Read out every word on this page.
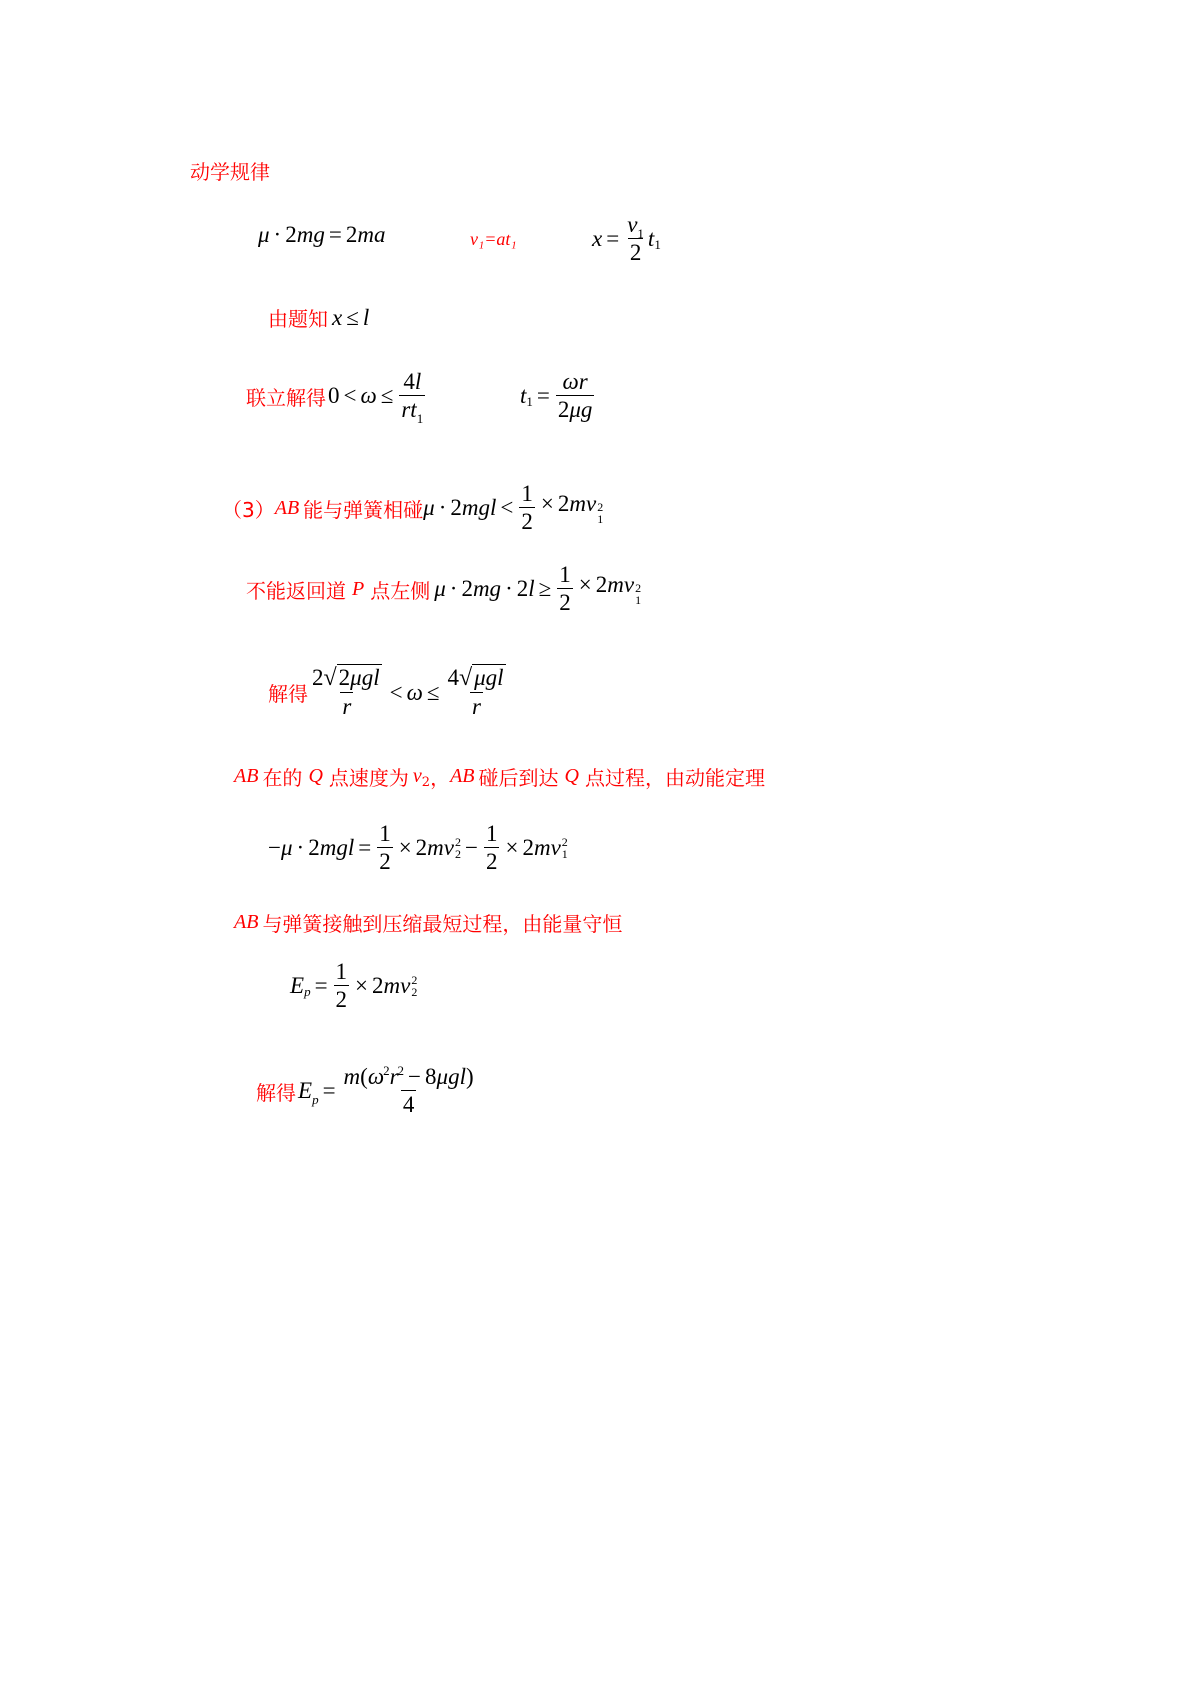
动学规律
μ · 2 mg = 2 ma	v₁=at₁	$x = \frac{v_1}{2}$ t 1
由题知 x ≤ l
联立解得 $0 < \omega \le \frac{4l}{rt_1}$	t $1 = \frac{\omega r}{2\mu g}$
（3） AB 能与弹簧相碰 $\mu \cdot 2mgl < \frac{1}{2} \times 2mv$ 2
1
不能返回道 P 点左侧 $\mu \cdot 2mg \cdot 2l \ge \frac{1}{2} \times 2mv$ 2
1
解得 $\frac{\text{2√2μgl}}{r} < \omega \le \frac{\text{4√μgl}}{r}$
AB 在的 Q 点速度为 v 2 ， AB 碰后到达 Q 点过程，由动能定理
− μ · 2 mgl = $\frac{1}{2} \times 2$ mv 2
$2 - \frac{1}{2} \times 2$ mv 2
1
AB 与弹簧接触到压缩最短过程，由能量守恒
E $p = \frac{1}{2} \times 2$ mv 2
2
解得 $E_p = \frac{m(\omega^2r^2 - 8\mu gl)}{4}$
